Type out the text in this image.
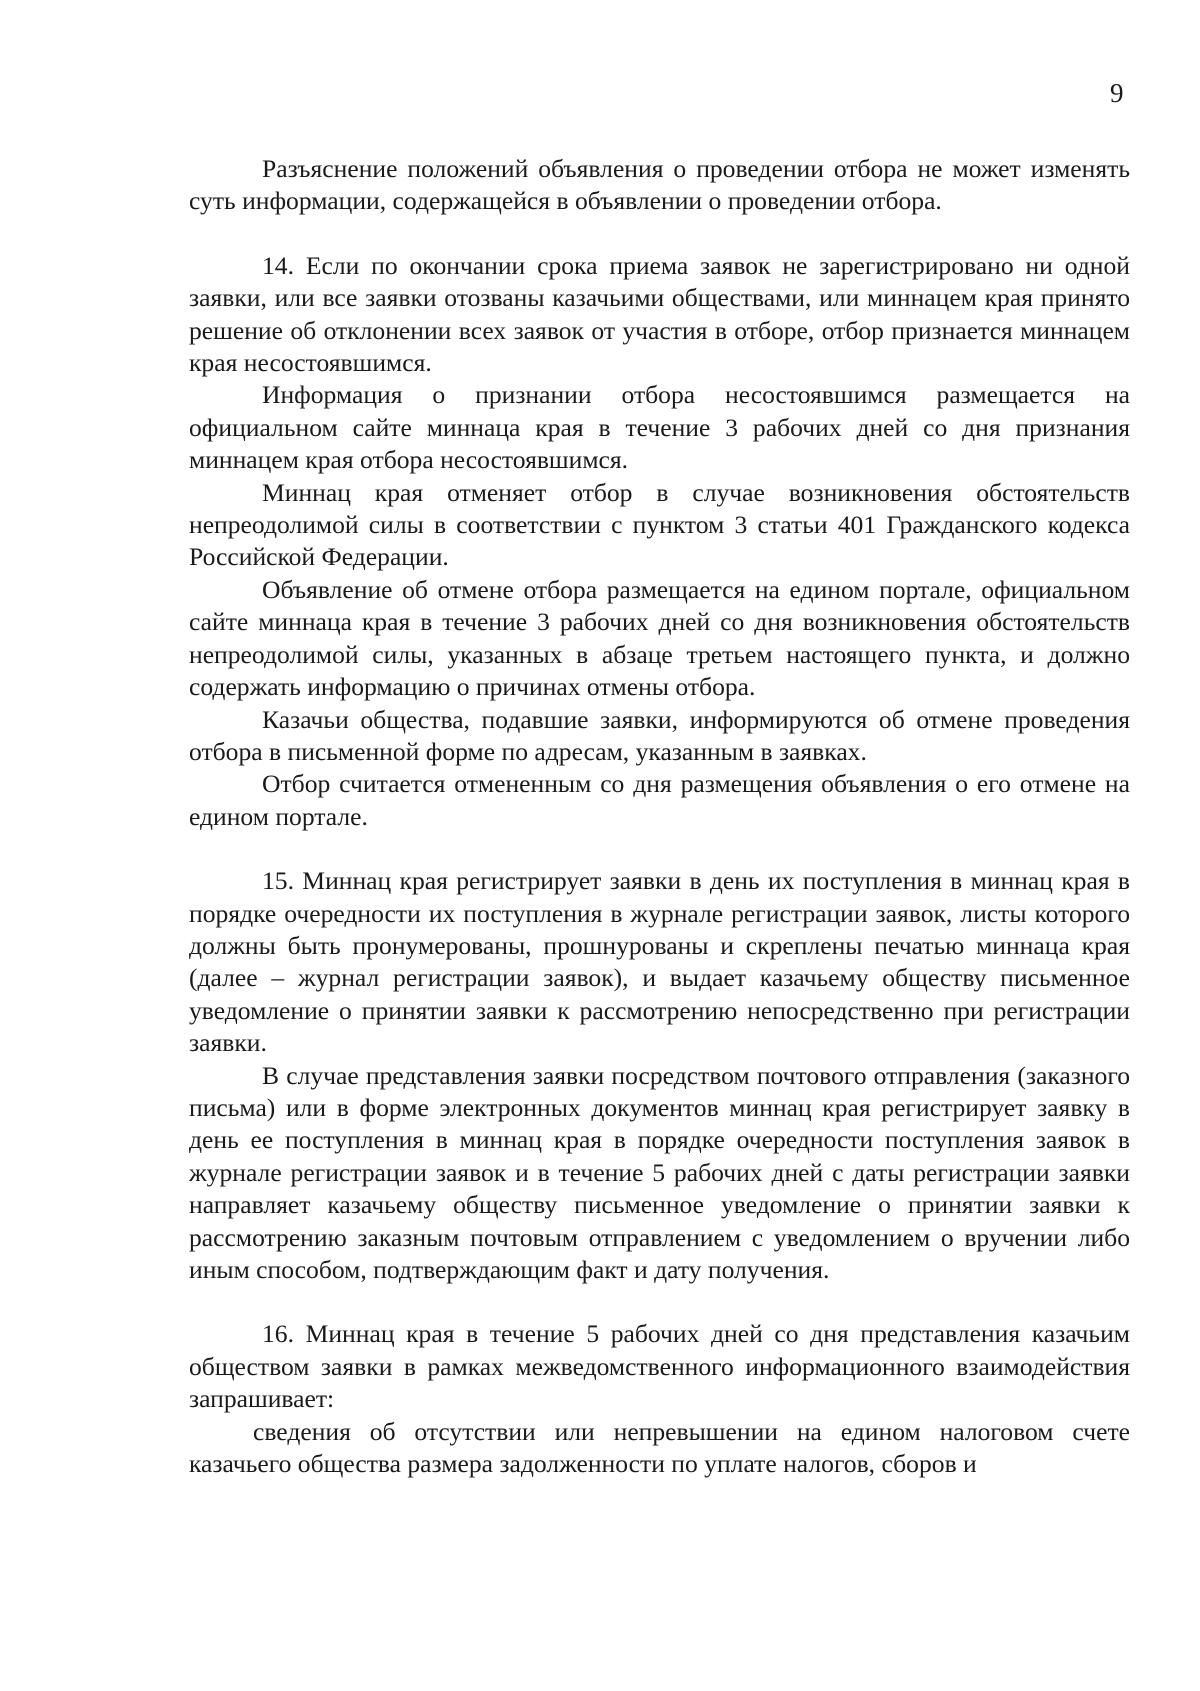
9

Разъяснение положений объявления о проведении отбора не может изменять суть информации, содержащейся в объявлении о проведении отбора.

14. Если по окончании срока приема заявок не зарегистрировано ни одной заявки, или все заявки отозваны казачьими обществами, или миннацем края принято решение об отклонении всех заявок от участия в отборе, отбор признается миннацем края несостоявшимся.

Информация о признании отбора несостоявшимся размещается на официальном сайте миннаца края в течение 3 рабочих дней со дня признания миннацем края отбора несостоявшимся.

Миннац края отменяет отбор в случае возникновения обстоятельств непреодолимой силы в соответствии с пунктом 3 статьи 401 Гражданского кодекса Российской Федерации.

Объявление об отмене отбора размещается на едином портале, официальном сайте миннаца края в течение 3 рабочих дней со дня возникновения обстоятельств непреодолимой силы, указанных в абзаце третьем настоящего пункта, и должно содержать информацию о причинах отмены отбора.

Казачьи общества, подавшие заявки, информируются об отмене проведения отбора в письменной форме по адресам, указанным в заявках.

Отбор считается отмененным со дня размещения объявления о его отмене на едином портале.

15. Миннац края регистрирует заявки в день их поступления в миннац края в порядке очередности их поступления в журнале регистрации заявок, листы которого должны быть пронумерованы, прошнурованы и скреплены печатью миннаца края (далее – журнал регистрации заявок), и выдает казачьему обществу письменное уведомление о принятии заявки к рассмотрению непосредственно при регистрации заявки.

В случае представления заявки посредством почтового отправления (заказного письма) или в форме электронных документов миннац края регистрирует заявку в день ее поступления в миннац края в порядке очередности поступления заявок в журнале регистрации заявок и в течение 5 рабочих дней с даты регистрации заявки направляет казачьему обществу письменное уведомление о принятии заявки к рассмотрению заказным почтовым отправлением с уведомлением о вручении либо иным способом, подтверждающим факт и дату получения.

16. Миннац края в течение 5 рабочих дней со дня представления казачьим обществом заявки в рамках межведомственного информационного взаимодействия запрашивает:

сведения об отсутствии или непревышении на едином налоговом счете казачьего общества размера задолженности по уплате налогов, сборов и
